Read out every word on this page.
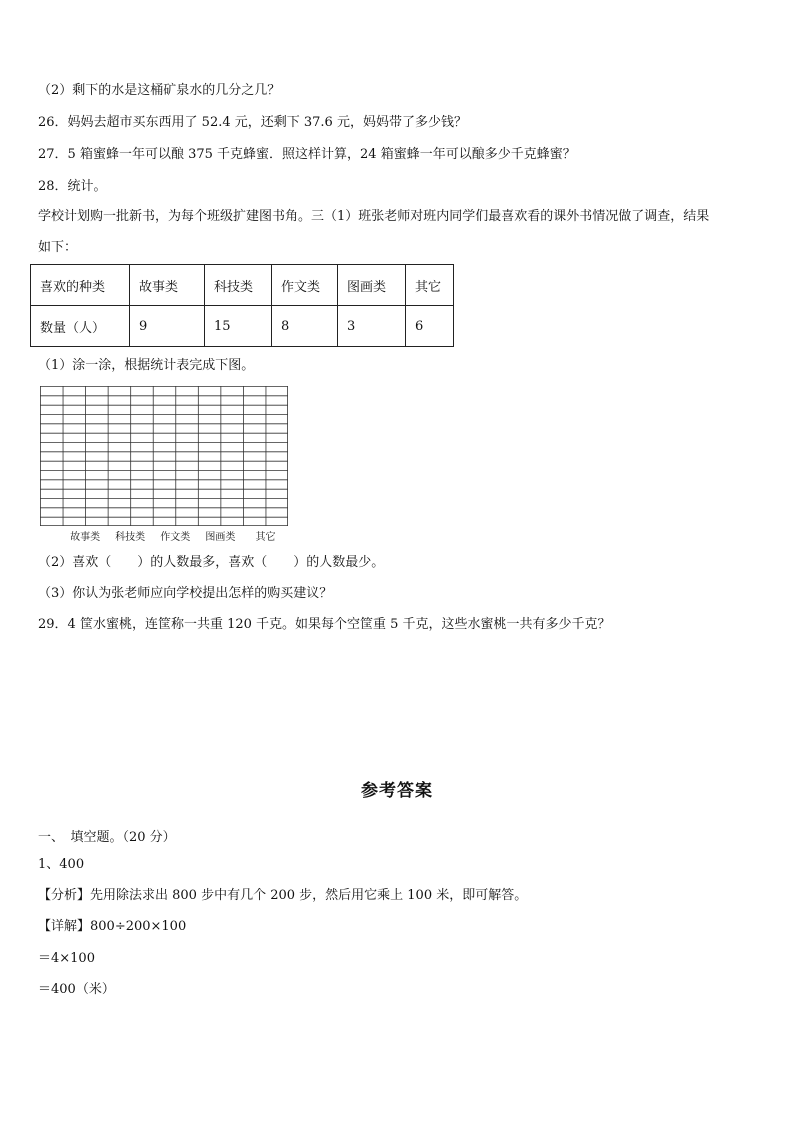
（2）剩下的水是这桶矿泉水的几分之几？
26．妈妈去超市买东西用了 52.4 元，还剩下 37.6 元，妈妈带了多少钱？
27．5 箱蜜蜂一年可以酿 375 千克蜂蜜．照这样计算，24 箱蜜蜂一年可以酿多少千克蜂蜜？
28．统计。
学校计划购一批新书，为每个班级扩建图书角。三（1）班张老师对班内同学们最喜欢看的课外书情况做了调查，结果
如下：
喜欢的种类	故事类	科技类	作文类	图画类	其它
数量（人）	9	15	8	3	6
（1）涂一涂，根据统计表完成下图。
故事类	科技类	作文类	图画类	其它
（2）喜欢（　　）的人数最多，喜欢（　　）的人数最少。
（3）你认为张老师应向学校提出怎样的购买建议？
29．4 筐水蜜桃，连筐称一共重 120 千克。如果每个空筐重 5 千克，这些水蜜桃一共有多少千克？
参考答案
一、　填空题。（20 分）
1、400
【分析】先用除法求出 800 步中有几个 200 步，然后用它乘上 100 米，即可解答。
【详解】800÷200×100
＝4×100
＝400（米）
